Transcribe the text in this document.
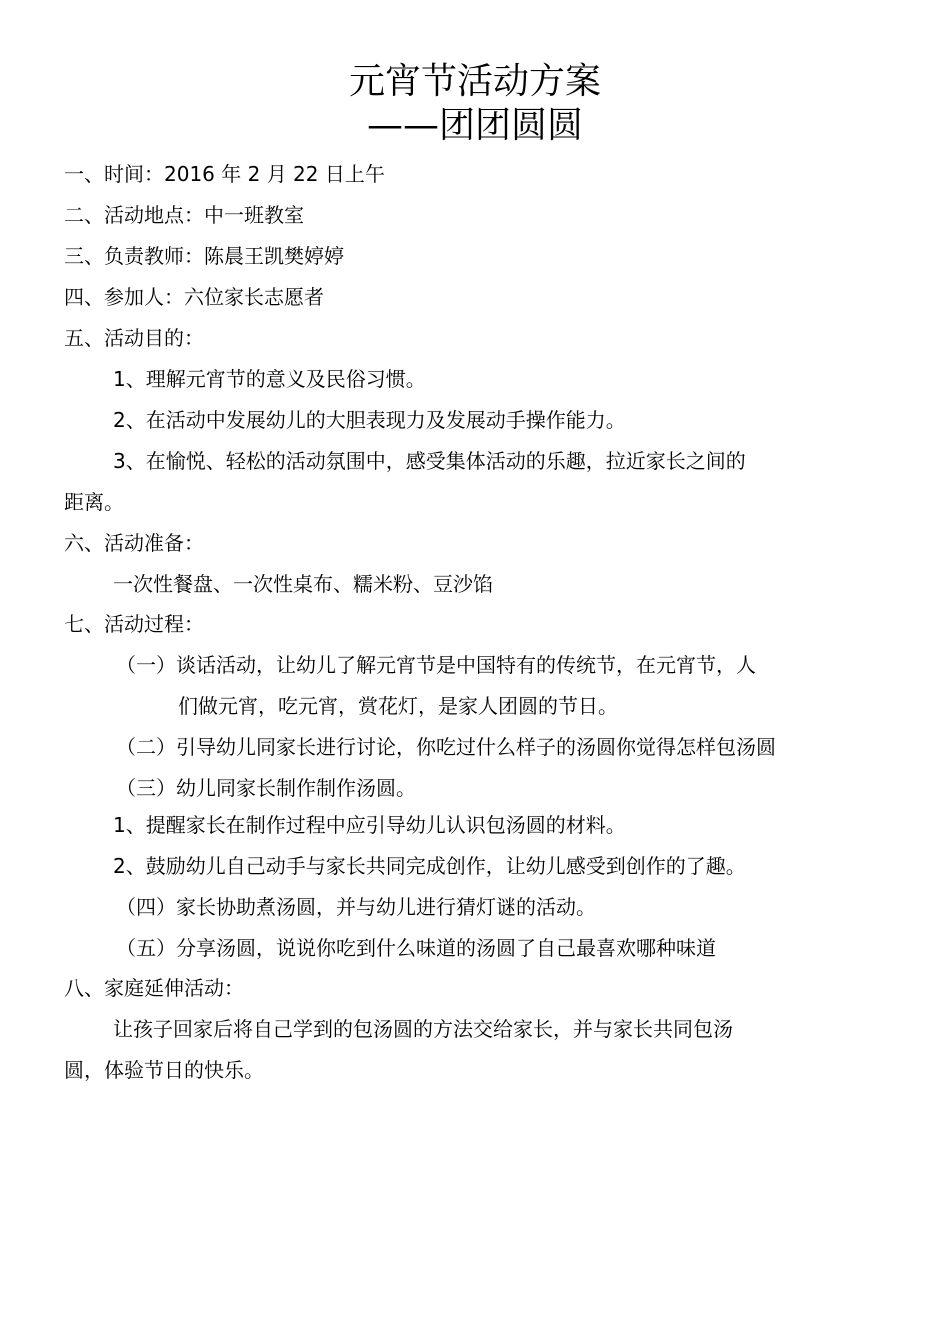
元宵节活动方案
——团团圆圆
一、时间：2016 年 2 月 22 日上午
二、活动地点：中一班教室
三、负责教师：陈晨王凯樊婷婷
四、参加人：六位家长志愿者
五、活动目的：
1、理解元宵节的意义及民俗习惯。
2、在活动中发展幼儿的大胆表现力及发展动手操作能力。
3、在愉悦、轻松的活动氛围中，感受集体活动的乐趣，拉近家长之间的
距离。
六、活动准备：
一次性餐盘、一次性桌布、糯米粉、豆沙馅
七、活动过程：
（一）谈话活动，让幼儿了解元宵节是中国特有的传统节，在元宵节，人
们做元宵，吃元宵，赏花灯，是家人团圆的节日。
（二）引导幼儿同家长进行讨论，你吃过什么样子的汤圆你觉得怎样包汤圆
（三）幼儿同家长制作制作汤圆。
1、提醒家长在制作过程中应引导幼儿认识包汤圆的材料。
2、鼓励幼儿自己动手与家长共同完成创作，让幼儿感受到创作的了趣。
（四）家长协助煮汤圆，并与幼儿进行猜灯谜的活动。
（五）分享汤圆，说说你吃到什么味道的汤圆了自己最喜欢哪种味道
八、家庭延伸活动：
让孩子回家后将自己学到的包汤圆的方法交给家长，并与家长共同包汤
圆，体验节日的快乐。
